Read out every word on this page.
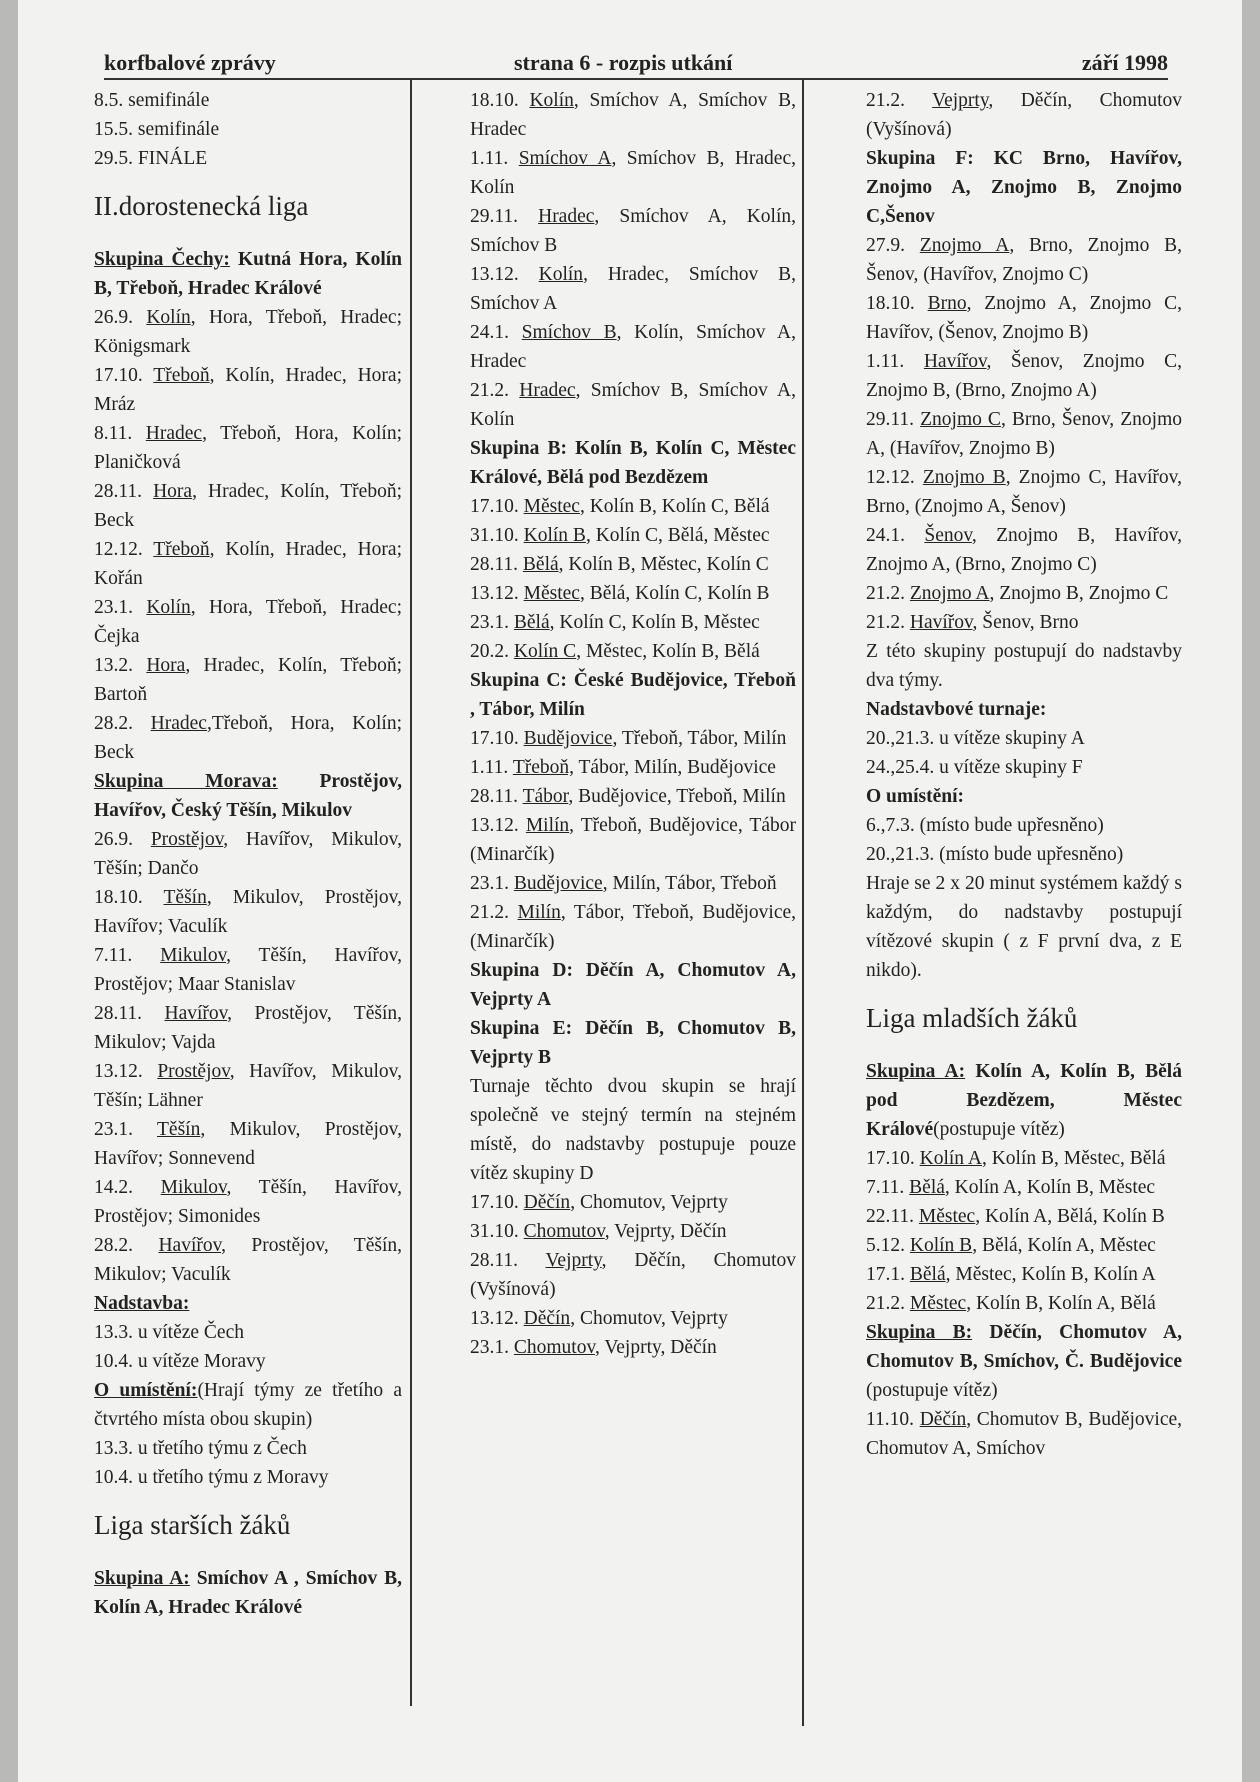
korfbalové zprávy	strana 6 - rozpis utkání	září 1998
8.5. semifinále
15.5. semifinále
29.5. FINÁLE
II.dorostenecká liga
Skupina Čechy: Kutná Hora, Kolín B, Třeboň, Hradec Králové
26.9. Kolín, Hora, Třeboň, Hradec; Königsmark
17.10. Třeboň, Kolín, Hradec, Hora; Mráz
8.11. Hradec, Třeboň, Hora, Kolín; Planičková
28.11. Hora, Hradec, Kolín, Třeboň; Beck
12.12. Třeboň, Kolín, Hradec, Hora; Kořán
23.1. Kolín, Hora, Třeboň, Hradec; Čejka
13.2. Hora, Hradec, Kolín, Třeboň; Bartoň
28.2. Hradec,Třeboň, Hora, Kolín; Beck
Skupina Morava: Prostějov, Havířov, Český Těšín, Mikulov
26.9. Prostějov, Havířov, Mikulov, Těšín; Dančo
18.10. Těšín, Mikulov, Prostějov, Havířov; Vaculík
7.11. Mikulov, Těšín, Havířov, Prostějov; Maar Stanislav
28.11. Havířov, Prostějov, Těšín, Mikulov; Vajda
13.12. Prostějov, Havířov, Mikulov, Těšín; Lähner
23.1. Těšín, Mikulov, Prostějov, Havířov; Sonnevend
14.2. Mikulov, Těšín, Havířov, Prostějov; Simonides
28.2. Havířov, Prostějov, Těšín, Mikulov; Vaculík
Nadstavba:
13.3. u vítěze Čech
10.4. u vítěze Moravy
O umístění:(Hrají týmy ze třetího a čtvrtého místa obou skupin)
13.3. u třetího týmu z Čech
10.4. u třetího týmu z Moravy
Liga starších žáků
Skupina A: Smíchov A , Smíchov B, Kolín A, Hradec Králové
18.10. Kolín, Smíchov A, Smíchov B, Hradec
1.11. Smíchov A, Smíchov B, Hradec, Kolín
29.11. Hradec, Smíchov A, Kolín, Smíchov B
13.12. Kolín, Hradec, Smíchov B, Smíchov A
24.1. Smíchov B, Kolín, Smíchov A, Hradec
21.2. Hradec, Smíchov B, Smíchov A, Kolín
Skupina B: Kolín B, Kolín C, Městec Králové, Bělá pod Bezdězem
17.10. Městec, Kolín B, Kolín C, Bělá
31.10. Kolín B, Kolín C, Bělá, Městec
28.11. Bělá, Kolín B, Městec, Kolín C
13.12. Městec, Bělá, Kolín C, Kolín B
23.1. Bělá, Kolín C, Kolín B, Městec
20.2. Kolín C, Městec, Kolín B, Bělá
Skupina C: České Budějovice, Třeboň , Tábor, Milín
17.10. Budějovice, Třeboň, Tábor, Milín
1.11. Třeboň, Tábor, Milín, Budějovice
28.11. Tábor, Budějovice, Třeboň, Milín
13.12. Milín, Třeboň, Budějovice, Tábor (Minarčík)
23.1. Budějovice, Milín, Tábor, Třeboň
21.2. Milín, Tábor, Třeboň, Budějovice, (Minarčík)
Skupina D: Děčín A, Chomutov A, Vejprty A
Skupina E: Děčín B, Chomutov B, Vejprty B
Turnaje těchto dvou skupin se hrají společně ve stejný termín na stejném místě, do nadstavby postupuje pouze vítěz skupiny D
17.10. Děčín, Chomutov, Vejprty
31.10. Chomutov, Vejprty, Děčín
28.11. Vejprty, Děčín, Chomutov (Vyšínová)
13.12. Děčín, Chomutov, Vejprty
23.1. Chomutov, Vejprty, Děčín
21.2. Vejprty, Děčín, Chomutov (Vyšínová)
Skupina F: KC Brno, Havířov, Znojmo A, Znojmo B, Znojmo C,Šenov
27.9. Znojmo A, Brno, Znojmo B, Šenov, (Havířov, Znojmo C)
18.10. Brno, Znojmo A, Znojmo C, Havířov, (Šenov, Znojmo B)
1.11. Havířov, Šenov, Znojmo C, Znojmo B, (Brno, Znojmo A)
29.11. Znojmo C, Brno, Šenov, Znojmo A, (Havířov, Znojmo B)
12.12. Znojmo B, Znojmo C, Havířov, Brno, (Znojmo A, Šenov)
24.1. Šenov, Znojmo B, Havířov, Znojmo A, (Brno, Znojmo C)
21.2. Znojmo A, Znojmo B, Znojmo C
21.2. Havířov, Šenov, Brno
Z této skupiny postupují do nadstavby dva týmy.
Nadstavbové turnaje:
20.,21.3. u vítěze skupiny A
24.,25.4. u vítěze skupiny F
O umístění:
6.,7.3. (místo bude upřesněno)
20.,21.3. (místo bude upřesněno)
Hraje se 2 x 20 minut systémem každý s každým, do nadstavby postupují vítězové skupin ( z F první dva, z E nikdo).
Liga mladších žáků
Skupina A: Kolín A, Kolín B, Bělá pod Bezdězem, Městec Králové(postupuje vítěz)
17.10. Kolín A, Kolín B, Městec, Bělá
7.11. Bělá, Kolín A, Kolín B, Městec
22.11. Městec, Kolín A, Bělá, Kolín B
5.12. Kolín B, Bělá, Kolín A, Městec
17.1. Bělá, Městec, Kolín B, Kolín A
21.2. Městec, Kolín B, Kolín A, Bělá
Skupina B: Děčín, Chomutov A, Chomutov B, Smíchov, Č. Budějovice (postupuje vítěz)
11.10. Děčín, Chomutov B, Budějovice, Chomutov A, Smíchov
